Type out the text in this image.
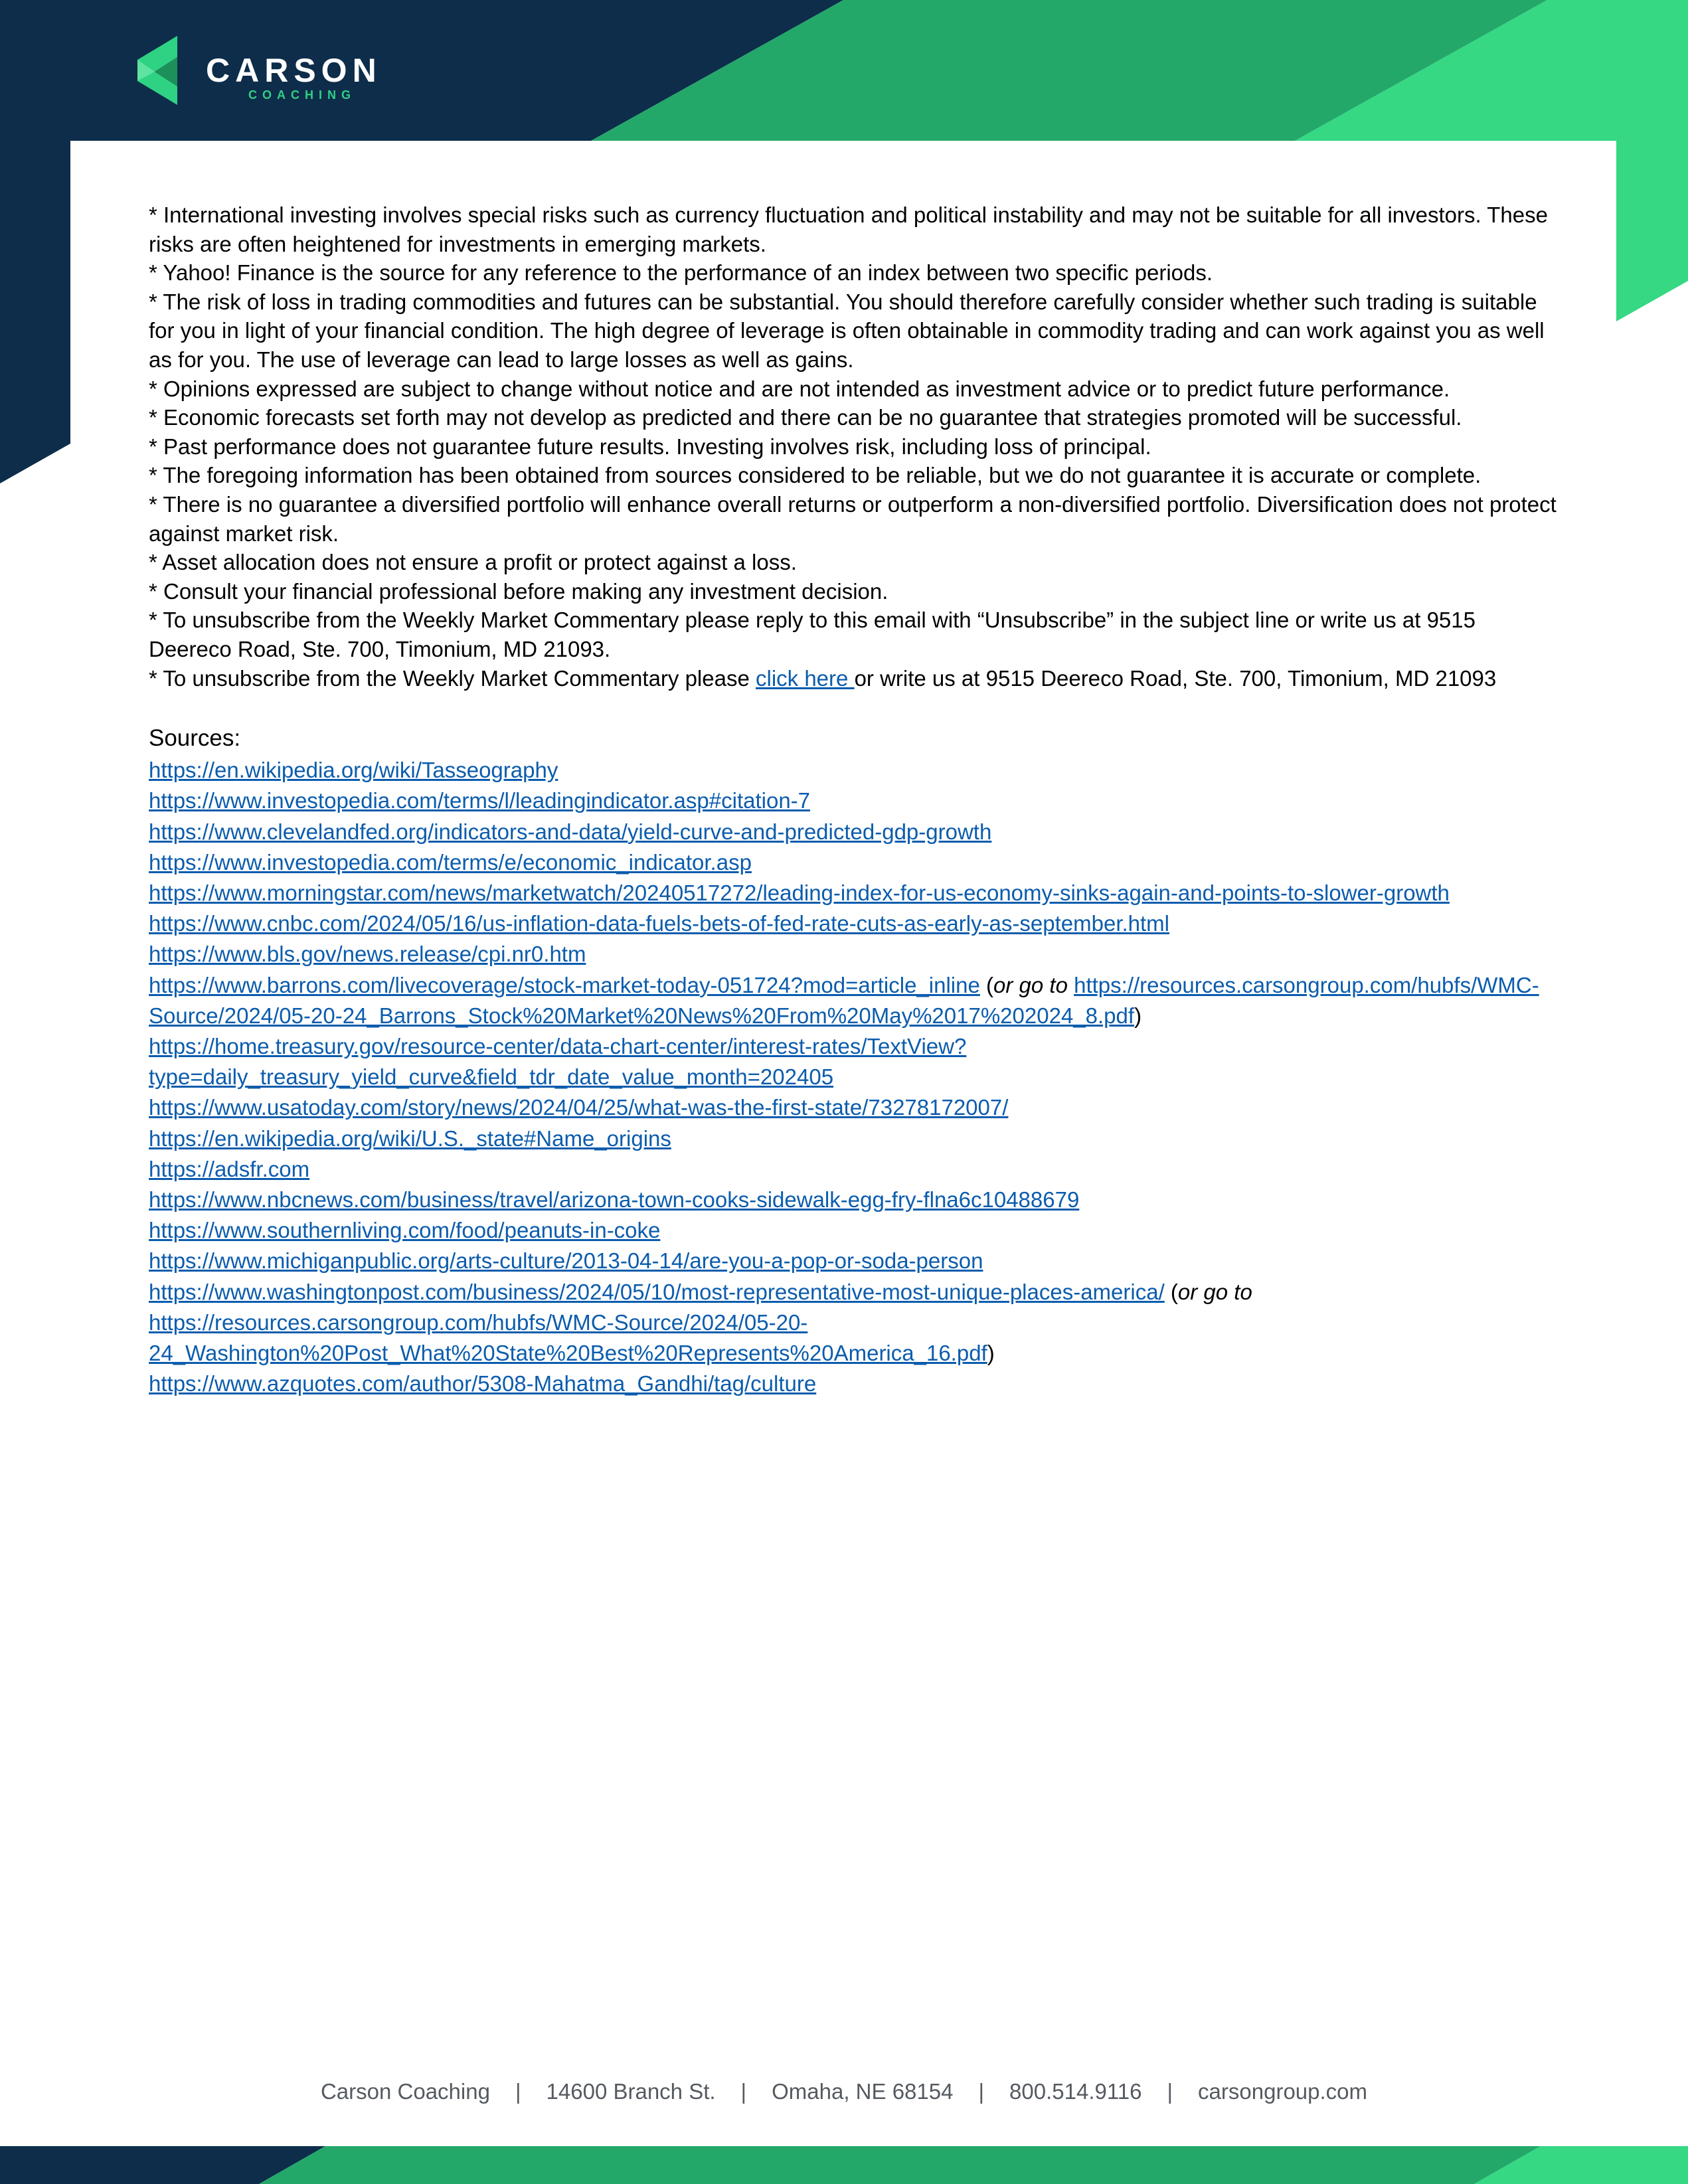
CARSON
COACHING

* International investing involves special risks such as currency fluctuation and political instability and may not be suitable for all investors. These risks are often heightened for investments in emerging markets.

* Yahoo! Finance is the source for any reference to the performance of an index between two specific periods.

* The risk of loss in trading commodities and futures can be substantial. You should therefore carefully consider whether such trading is suitable for you in light of your financial condition. The high degree of leverage is often obtainable in commodity trading and can work against you as well as for you. The use of leverage can lead to large losses as well as gains.

* Opinions expressed are subject to change without notice and are not intended as investment advice or to predict future performance.

* Economic forecasts set forth may not develop as predicted and there can be no guarantee that strategies promoted will be successful.

* Past performance does not guarantee future results. Investing involves risk, including loss of principal.

* The foregoing information has been obtained from sources considered to be reliable, but we do not guarantee it is accurate or complete.

* There is no guarantee a diversified portfolio will enhance overall returns or outperform a non-diversified portfolio. Diversification does not protect against market risk.

* Asset allocation does not ensure a profit or protect against a loss.

* Consult your financial professional before making any investment decision.

* To unsubscribe from the Weekly Market Commentary please reply to this email with “Unsubscribe” in the subject line or write us at 9515 Deereco Road, Ste. 700, Timonium, MD 21093.

* To unsubscribe from the Weekly Market Commentary please click here or write us at 9515 Deereco Road, Ste. 700, Timonium, MD 21093

Sources:

https://en.wikipedia.org/wiki/Tasseography

https://www.investopedia.com/terms/l/leadingindicator.asp#citation-7

https://www.clevelandfed.org/indicators-and-data/yield-curve-and-predicted-gdp-growth

https://www.investopedia.com/terms/e/economic_indicator.asp

https://www.morningstar.com/news/marketwatch/20240517272/leading-index-for-us-economy-sinks-again-and-points-to-slower-growth

https://www.cnbc.com/2024/05/16/us-inflation-data-fuels-bets-of-fed-rate-cuts-as-early-as-september.html

https://www.bls.gov/news.release/cpi.nr0.htm

https://www.barrons.com/livecoverage/stock-market-today-051724?mod=article_inline (or go to https://resources.carsongroup.com/hubfs/WMC-Source/2024/05-20-24_Barrons_Stock%20Market%20News%20From%20May%2017%202024_8.pdf)

https://home.treasury.gov/resource-center/data-chart-center/interest-rates/TextView?type=daily_treasury_yield_curve&field_tdr_date_value_month=202405

https://www.usatoday.com/story/news/2024/04/25/what-was-the-first-state/73278172007/

https://en.wikipedia.org/wiki/U.S._state#Name_origins

https://adsfr.com

https://www.nbcnews.com/business/travel/arizona-town-cooks-sidewalk-egg-fry-flna6c10488679

https://www.southernliving.com/food/peanuts-in-coke

https://www.michiganpublic.org/arts-culture/2013-04-14/are-you-a-pop-or-soda-person

https://www.washingtonpost.com/business/2024/05/10/most-representative-most-unique-places-america/ (or go to https://resources.carsongroup.com/hubfs/WMC-Source/2024/05-20-24_Washington%20Post_What%20State%20Best%20Represents%20America_16.pdf)

https://www.azquotes.com/author/5308-Mahatma_Gandhi/tag/culture

Carson Coaching | 14600 Branch St. | Omaha, NE 68154 | 800.514.9116 | carsongroup.com
